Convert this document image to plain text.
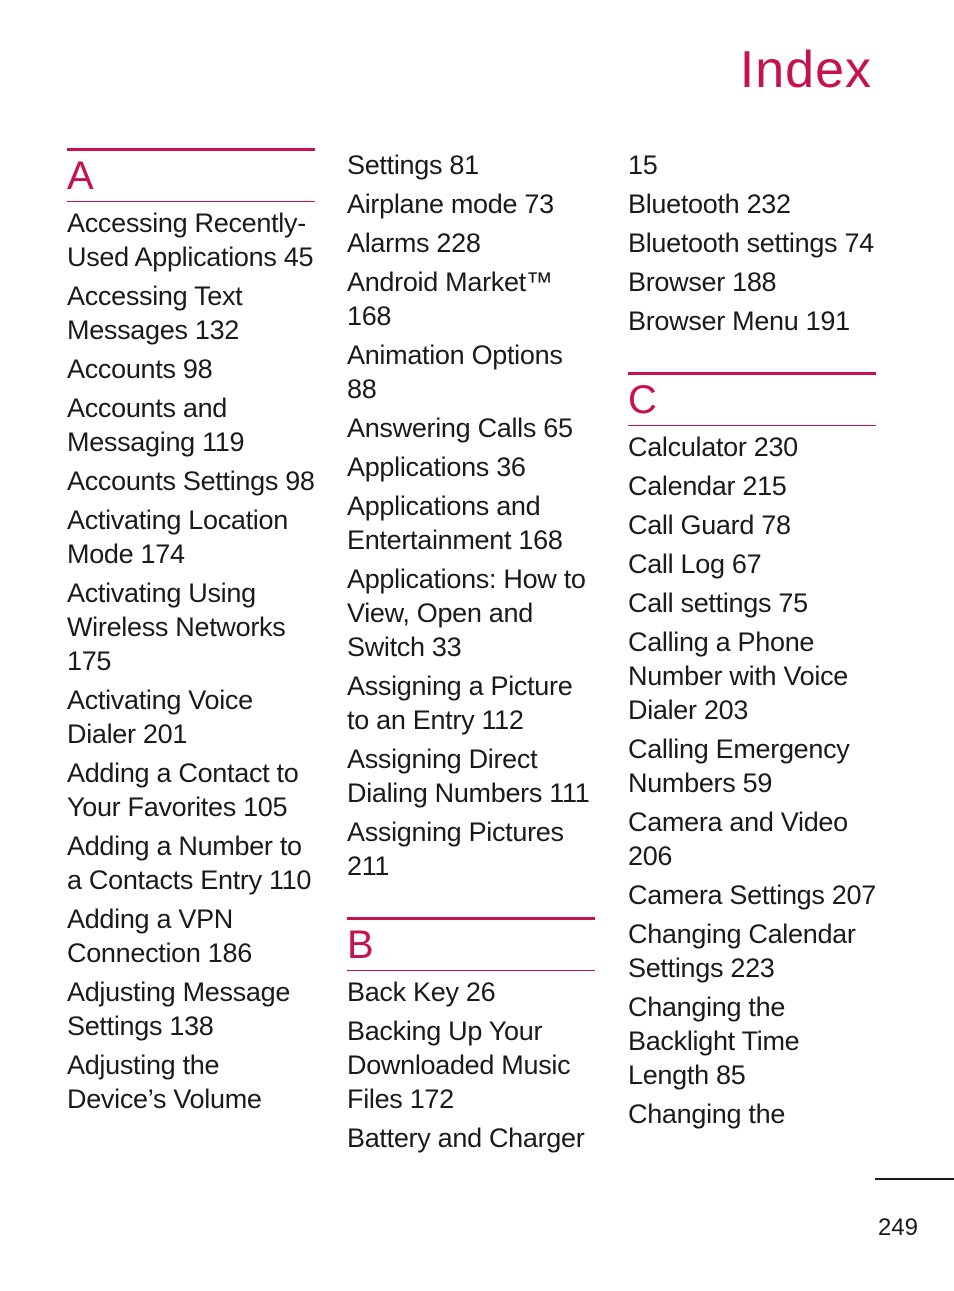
Index
A
Accessing Recently-Used Applications 45
Accessing Text Messages 132
Accounts 98
Accounts and Messaging 119
Accounts Settings 98
Activating Location Mode 174
Activating Using Wireless Networks 175
Activating Voice Dialer 201
Adding a Contact to Your Favorites 105
Adding a Number to a Contacts Entry 110
Adding a VPN Connection 186
Adjusting Message Settings 138
Adjusting the Device’s Volume
Settings 81
Airplane mode 73
Alarms 228
Android Market™ 168
Animation Options 88
Answering Calls 65
Applications 36
Applications and Entertainment 168
Applications: How to View, Open and Switch 33
Assigning a Picture to an Entry 112
Assigning Direct Dialing Numbers 111
Assigning Pictures 211
B
Back Key 26
Backing Up Your Downloaded Music Files 172
Battery and Charger
15
Bluetooth 232
Bluetooth settings 74
Browser 188
Browser Menu 191
C
Calculator 230
Calendar 215
Call Guard 78
Call Log 67
Call settings 75
Calling a Phone Number with Voice Dialer 203
Calling Emergency Numbers 59
Camera and Video 206
Camera Settings 207
Changing Calendar Settings 223
Changing the Backlight Time Length 85
Changing the
249
